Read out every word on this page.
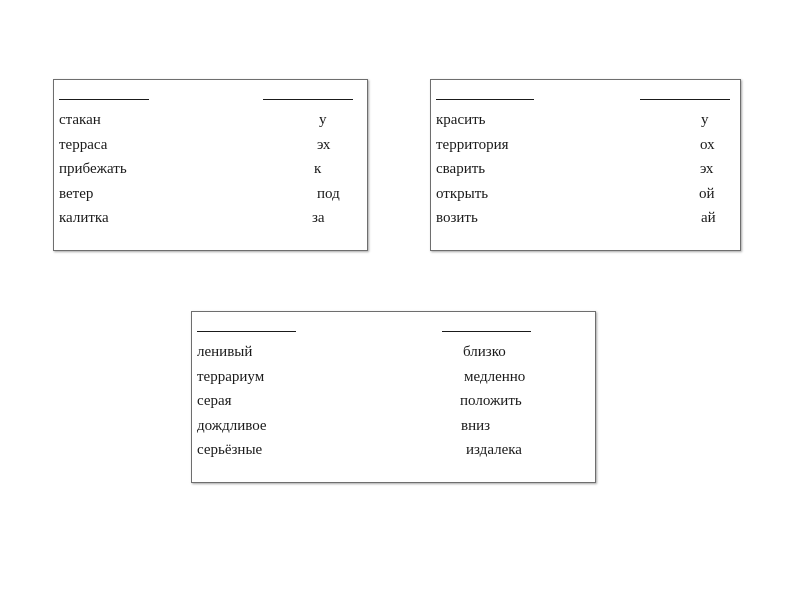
стакан
терраса
прибежать
ветер
калитка
у
эх
к
под
за
красить
территория
сварить
открыть
возить
у
ох
эх
ой
ай
ленивый
террариум
серая
дождливое
серьёзные
близко
медленно
положить
вниз
издалека
